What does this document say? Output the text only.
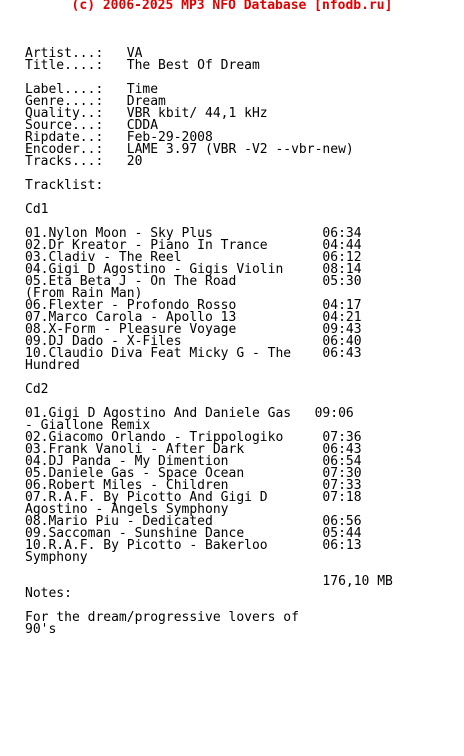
(c) 2006-2025 MP3 NFO Database [nfodb.ru]
Artist...:   VA
Title....:   The Best Of Dream
Label....:   Time
Genre....:   Dream
Quality..:   VBR kbit/ 44,1 kHz
Source...:   CDDA
Ripdate..:   Feb-29-2008
Encoder..:   LAME 3.97 (VBR -V2 --vbr-new)
Tracks...:   20
Tracklist:
Cd1
01.Nylon Moon - Sky Plus              06:34
02.Dr Kreator - Piano In Trance       04:44
03.Cladiv - The Reel                  06:12
04.Gigi D Agostino - Gigis Violin     08:14
05.Eta Beta J - On The Road           05:30
(From Rain Man)
06.Flexter - Profondo Rosso           04:17
07.Marco Carola - Apollo 13           04:21
08.X-Form - Pleasure Voyage           09:43
09.DJ Dado - X-Files                  06:40
10.Claudio Diva Feat Micky G - The    06:43
Hundred
Cd2
01.Gigi D Agostino And Daniele Gas   09:06
- Giallone Remix
02.Giacomo Orlando - Trippologiko     07:36
03.Frank Vanoli - After Dark          06:43
04.DJ Panda - My Dimention            06:54
05.Daniele Gas - Space Ocean          07:30
06.Robert Miles - Children            07:33
07.R.A.F. By Picotto And Gigi D       07:18
Agostino - Angels Symphony
08.Mario Piu - Dedicated              06:56
09.Saccoman - Sunshine Dance          05:44
10.R.A.F. By Picotto - Bakerloo       06:13
Symphony
176,10 MB
Notes:
For the dream/progressive lovers of
90's
